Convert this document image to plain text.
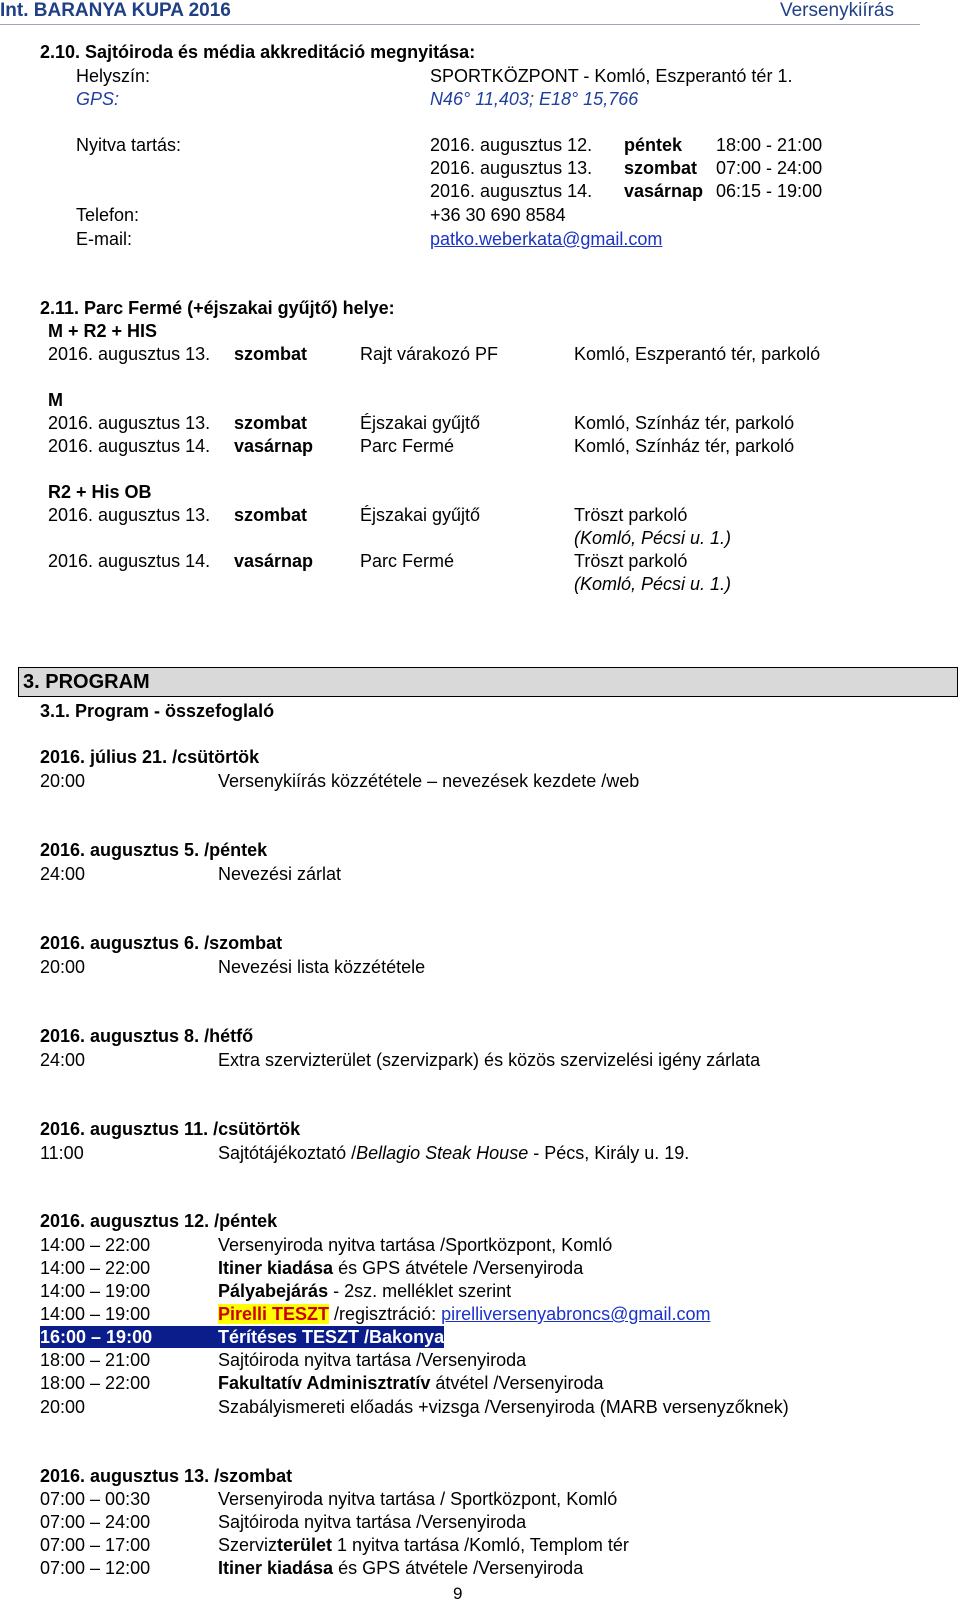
Int. BARANYA KUPA 2016	Versenykiírás
2.10. Sajtóiroda és média akkreditáció megnyitása:
Helyszín:	SPORTKÖZPONT - Komló, Eszperantó tér 1.
GPS:	N46° 11,403; E18° 15,766
Nyitva tartás:	2016. augusztus 12. péntek 18:00 - 21:00
2016. augusztus 13. szombat 07:00 - 24:00
2016. augusztus 14. vasárnap 06:15 - 19:00
Telefon:	+36 30 690 8584
E-mail:	patko.weberkata@gmail.com
2.11. Parc Fermé (+éjszakai gyűjtő) helye:
M + R2 + HIS
2016. augusztus 13. szombat	Rajt várakozó PF	Komló, Eszperantó tér, parkoló
M
2016. augusztus 13. szombat	Éjszakai gyűjtő	Komló, Színház tér, parkoló
2016. augusztus 14. vasárnap	Parc Fermé	Komló, Színház tér, parkoló
R2 + His OB
2016. augusztus 13. szombat	Éjszakai gyűjtő	Tröszt parkoló
(Komló, Pécsi u. 1.)
2016. augusztus 14. vasárnap	Parc Fermé	Tröszt parkoló
(Komló, Pécsi u. 1.)
3. PROGRAM
3.1. Program - összefoglaló
2016. július 21. /csütörtök
20:00	Versenykiírás közzététele – nevezések kezdete /web
2016. augusztus 5. /péntek
24:00	Nevezési zárlat
2016. augusztus 6. /szombat
20:00	Nevezési lista közzététele
2016. augusztus 8. /hétfő
24:00	Extra szervizterület (szervizpark) és közös szervizelési igény zárlata
2016. augusztus 11. /csütörtök
11:00	Sajtótájékoztató /Bellagio Steak House - Pécs, Király u. 19.
2016. augusztus 12. /péntek
14:00 – 22:00	Versenyiroda nyitva tartása /Sportközpont, Komló
14:00 – 22:00	Itiner kiadása és GPS átvétele /Versenyiroda
14:00 – 19:00	Pályabejárás - 2sz. melléklet szerint
14:00 – 19:00	Pirelli TESZT /regisztráció: pirelliversenyabroncs@gmail.com
16:00 – 19:00	Térítéses TESZT /Bakonya
18:00 – 21:00	Sajtóiroda nyitva tartása /Versenyiroda
18:00 – 22:00	Fakultatív Adminisztratív átvétel /Versenyiroda
20:00	Szabályismereti előadás +vizsga /Versenyiroda (MARB versenyzőknek)
2016. augusztus 13. /szombat
07:00 – 00:30	Versenyiroda nyitva tartása / Sportközpont, Komló
07:00 – 24:00	Sajtóiroda nyitva tartása /Versenyiroda
07:00 – 17:00	Szervizterület 1 nyitva tartása /Komló, Templom tér
07:00 – 12:00	Itiner kiadása és GPS átvétele /Versenyiroda
9
